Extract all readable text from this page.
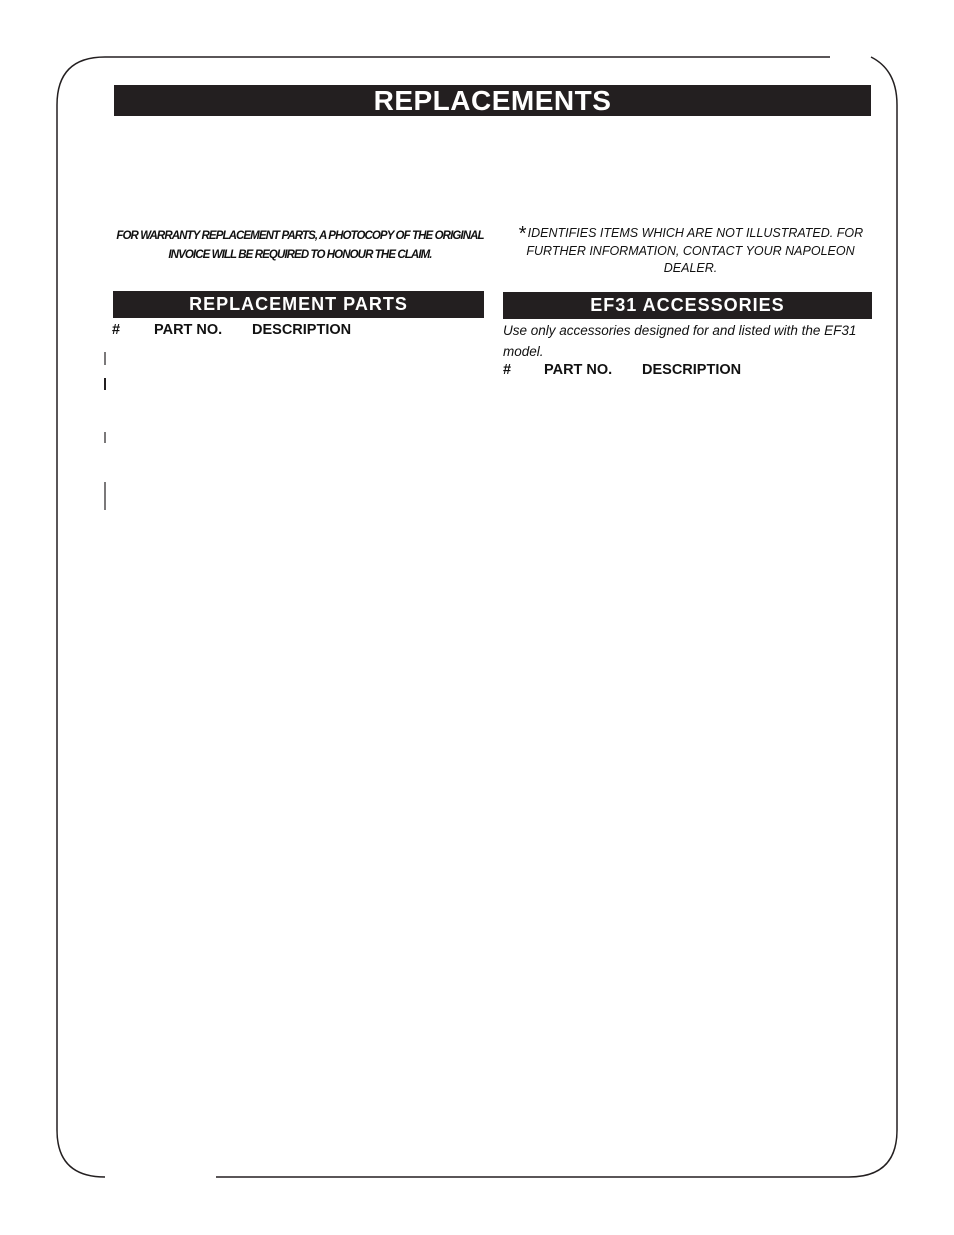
REPLACEMENTS
FOR WARRANTY REPLACEMENT PARTS, A PHOTOCOPY OF THE ORIGINAL INVOICE WILL BE REQUIRED TO HONOUR THE CLAIM.
* IDENTIFIES ITEMS WHICH ARE NOT ILLUSTRATED. FOR FURTHER INFORMATION, CONTACT YOUR NAPOLEON DEALER.
REPLACEMENT PARTS
# PART NO. DESCRIPTION
EF31 ACCESSORIES
Use only accessories designed for and listed with the EF31 model.
# PART NO. DESCRIPTION
